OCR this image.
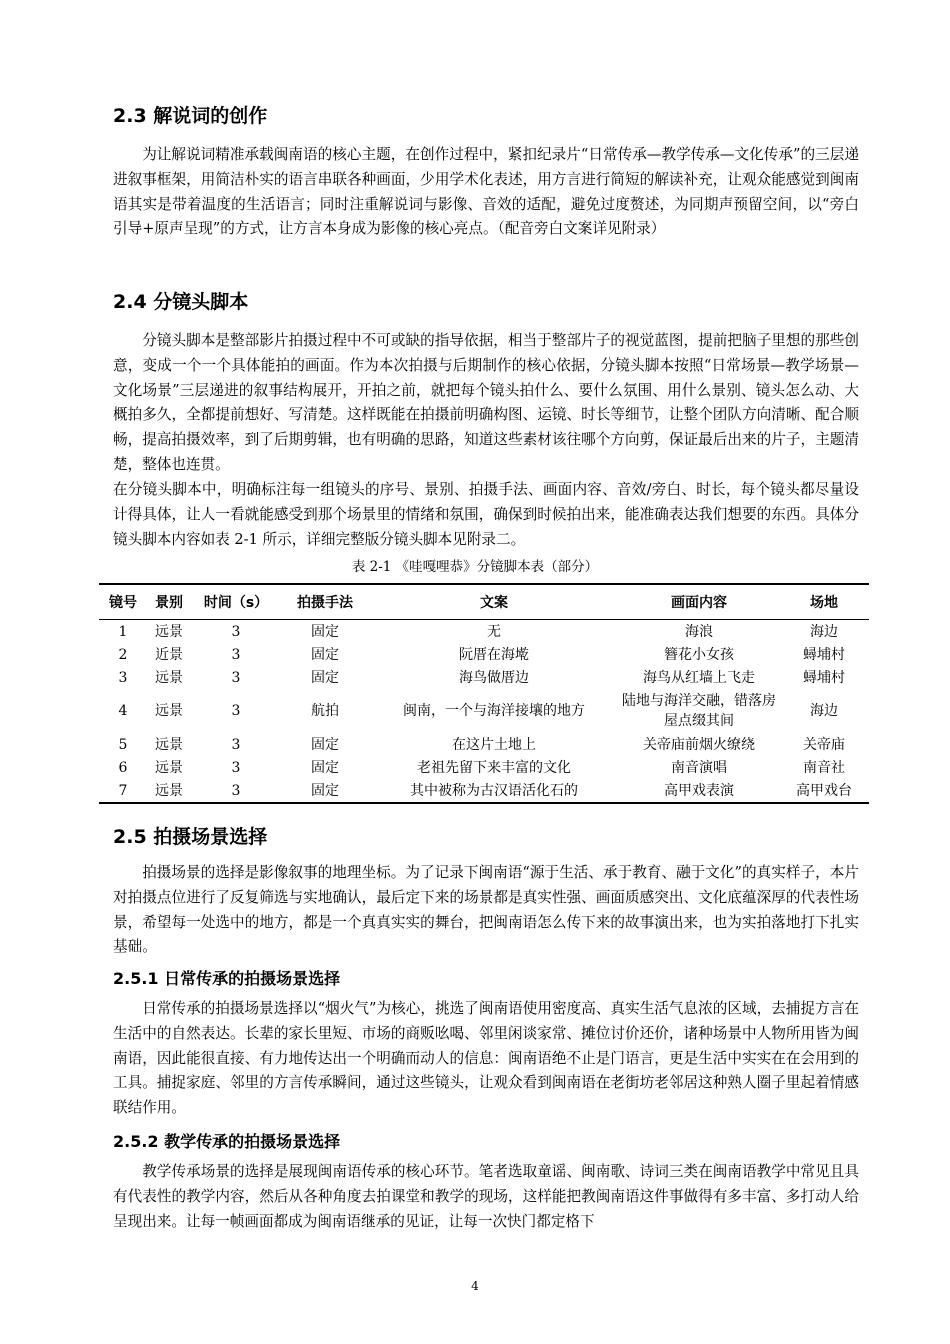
2.3 解说词的创作

为让解说词精准承载闽南语的核心主题，在创作过程中，紧扣纪录片“日常传承—教学传承—文化传承”的三层递进叙事框架，用简洁朴实的语言串联各种画面，少用学术化表述，用方言进行简短的解读补充，让观众能感觉到闽南语其实是带着温度的生活语言；同时注重解说词与影像、音效的适配，避免过度赘述，为同期声预留空间，以“旁白引导+原声呈现”的方式，让方言本身成为影像的核心亮点。（配音旁白文案详见附录）

2.4 分镜头脚本

分镜头脚本是整部影片拍摄过程中不可或缺的指导依据，相当于整部片子的视觉蓝图，提前把脑子里想的那些创意，变成一个一个具体能拍的画面。作为本次拍摄与后期制作的核心依据，分镜头脚本按照“日常场景—教学场景—文化场景”三层递进的叙事结构展开，开拍之前，就把每个镜头拍什么、要什么氛围、用什么景别、镜头怎么动、大概拍多久，全都提前想好、写清楚。这样既能在拍摄前明确构图、运镜、时长等细节，让整个团队方向清晰、配合顺畅，提高拍摄效率，到了后期剪辑，也有明确的思路，知道这些素材该往哪个方向剪，保证最后出来的片子，主题清楚，整体也连贯。

在分镜头脚本中，明确标注每一组镜头的序号、景别、拍摄手法、画面内容、音效/旁白、时长，每个镜头都尽量设计得具体，让人一看就能感受到那个场景里的情绪和氛围，确保到时候拍出来，能准确表达我们想要的东西。具体分镜头脚本内容如表 2-1 所示，详细完整版分镜头脚本见附录二。

表 2-1 《哇嘎哩恭》分镜脚本表（部分）
镜号	景别	时间（s）	拍摄手法	文案	画面内容	场地
1	远景	3	固定	无	海浪	海边
2	近景	3	固定	阮厝在海墘	簪花小女孩	蟳埔村
3	远景	3	固定	海鸟做厝边	海鸟从红墙上飞走	蟳埔村
4	远景	3	航拍	闽南，一个与海洋接壤的地方	陆地与海洋交融，错落房屋点缀其间	海边
5	远景	3	固定	在这片土地上	关帝庙前烟火缭绕	关帝庙
6	远景	3	固定	老祖先留下来丰富的文化	南音演唱	南音社
7	远景	3	固定	其中被称为古汉语活化石的	高甲戏表演	高甲戏台
2.5 拍摄场景选择

拍摄场景的选择是影像叙事的地理坐标。为了记录下闽南语“源于生活、承于教育、融于文化”的真实样子，本片对拍摄点位进行了反复筛选与实地确认，最后定下来的场景都是真实性强、画面质感突出、文化底蕴深厚的代表性场景，希望每一处选中的地方，都是一个真真实实的舞台，把闽南语怎么传下来的故事演出来，也为实拍落地打下扎实基础。

2.5.1 日常传承的拍摄场景选择

日常传承的拍摄场景选择以“烟火气”为核心，挑选了闽南语使用密度高、真实生活气息浓的区域，去捕捉方言在生活中的自然表达。长辈的家长里短、市场的商贩吆喝、邻里闲谈家常、摊位讨价还价，诸种场景中人物所用皆为闽南语，因此能很直接、有力地传达出一个明确而动人的信息：闽南语绝不止是门语言，更是生活中实实在在会用到的工具。捕捉家庭、邻里的方言传承瞬间，通过这些镜头，让观众看到闽南语在老街坊老邻居这种熟人圈子里起着情感联结作用。

2.5.2 教学传承的拍摄场景选择

教学传承场景的选择是展现闽南语传承的核心环节。笔者选取童谣、闽南歌、诗词三类在闽南语教学中常见且具有代表性的教学内容，然后从各种角度去拍课堂和教学的现场，这样能把教闽南语这件事做得有多丰富、多打动人给呈现出来。让每一帧画面都成为闽南语继承的见证，让每一次快门都定格下

4
